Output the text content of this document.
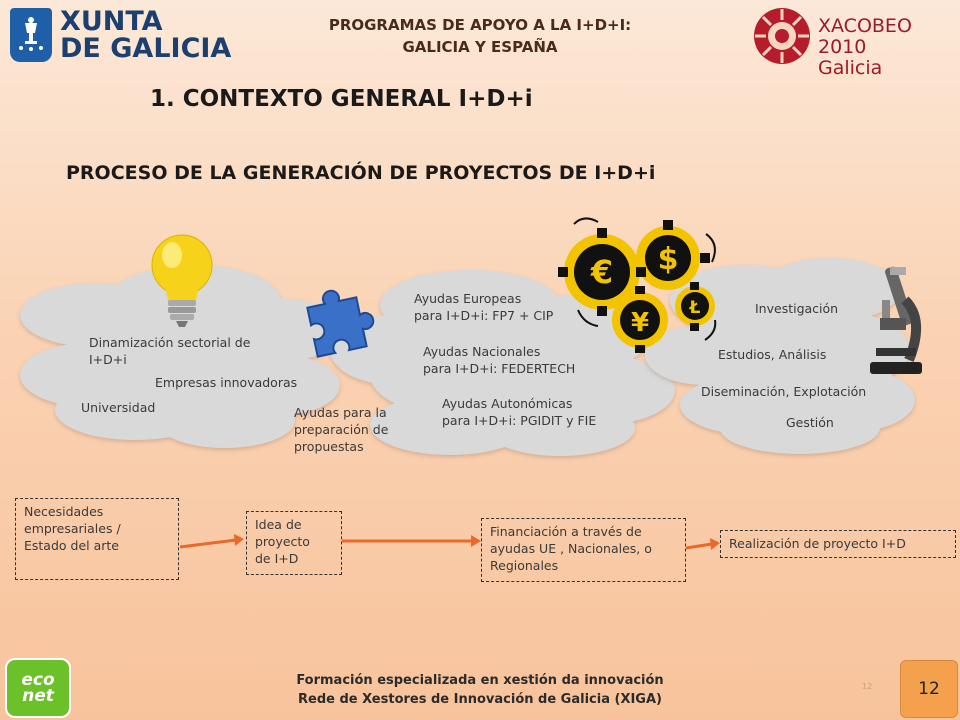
XUNTA
DE GALICIA
PROGRAMAS DE APOYO A LA I+D+I:
GALICIA Y ESPAÑA
XACOBEO 2010
Galicia
1. CONTEXTO GENERAL I+D+i
PROCESO DE LA GENERACIÓN DE PROYECTOS DE I+D+i
€ $
¥ Ł
Dinamización sectorial de
I+D+i
Empresas innovadoras
Universidad	Ayudas para la
preparación de
propuestas
Ayudas Europeas
para I+D+i: FP7 + CIP
Ayudas Nacionales
para I+D+i: FEDERTECH
Ayudas Autonómicas
para I+D+i: PGIDIT y FIE
Investigación
Estudios, Análisis
Diseminación, Explotación
Gestión
Necesidades
empresariales /
Estado del arte
Idea de
proyecto
de I+D
Financiación a través de
ayudas UE , Nacionales, o
Regionales
Realización de proyecto I+D
eco
net
Formación especializada en xestión da innovación
Rede de Xestores de Innovación de Galicia (XIGA)
12	12
